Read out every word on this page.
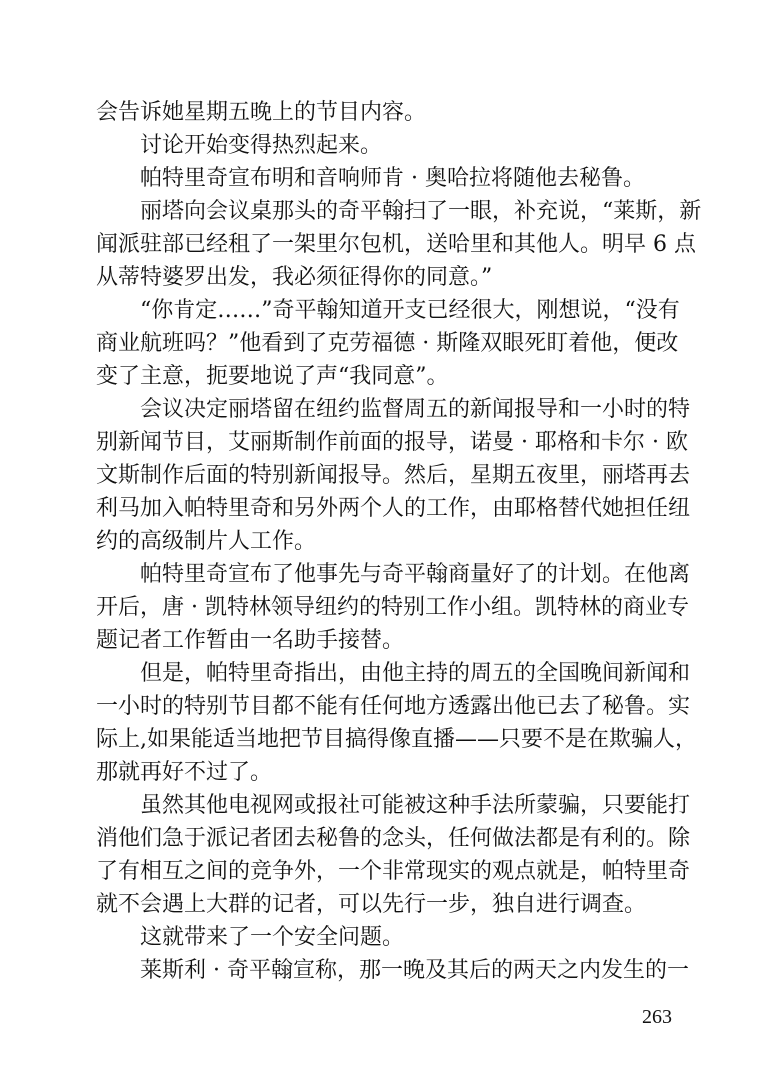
会告诉她星期五晚上的节目内容。
　　讨论开始变得热烈起来。
　　帕特里奇宣布明和音响师肯 · 奥哈拉将随他去秘鲁。
　　丽塔向会议桌那头的奇平翰扫了一眼，补充说，“莱斯，新
闻派驻部已经租了一架里尔包机，送哈里和其他人。明早 6 点
从蒂特婆罗出发，我必须征得你的同意。”
　　“你肯定……”奇平翰知道开支已经很大，刚想说，“没有
商业航班吗？”他看到了克劳福德 · 斯隆双眼死盯着他，便改
变了主意，扼要地说了声“我同意”。
　　会议决定丽塔留在纽约监督周五的新闻报导和一小时的特
别新闻节目，艾丽斯制作前面的报导，诺曼 · 耶格和卡尔 · 欧
文斯制作后面的特别新闻报导。然后，星期五夜里，丽塔再去
利马加入帕特里奇和另外两个人的工作，由耶格替代她担任纽
约的高级制片人工作。
　　帕特里奇宣布了他事先与奇平翰商量好了的计划。在他离
开后，唐 · 凯特林领导纽约的特别工作小组。凯特林的商业专
题记者工作暂由一名助手接替。
　　但是，帕特里奇指出，由他主持的周五的全国晚间新闻和
一小时的特别节目都不能有任何地方透露出他已去了秘鲁。实
际上,如果能适当地把节目搞得像直播——只要不是在欺骗人，
那就再好不过了。
　　虽然其他电视网或报社可能被这种手法所蒙骗，只要能打
消他们急于派记者团去秘鲁的念头，任何做法都是有利的。除
了有相互之间的竞争外，一个非常现实的观点就是，帕特里奇
就不会遇上大群的记者，可以先行一步，独自进行调查。
　　这就带来了一个安全问题。
　　莱斯利 · 奇平翰宣称，那一晚及其后的两天之内发生的一
263
